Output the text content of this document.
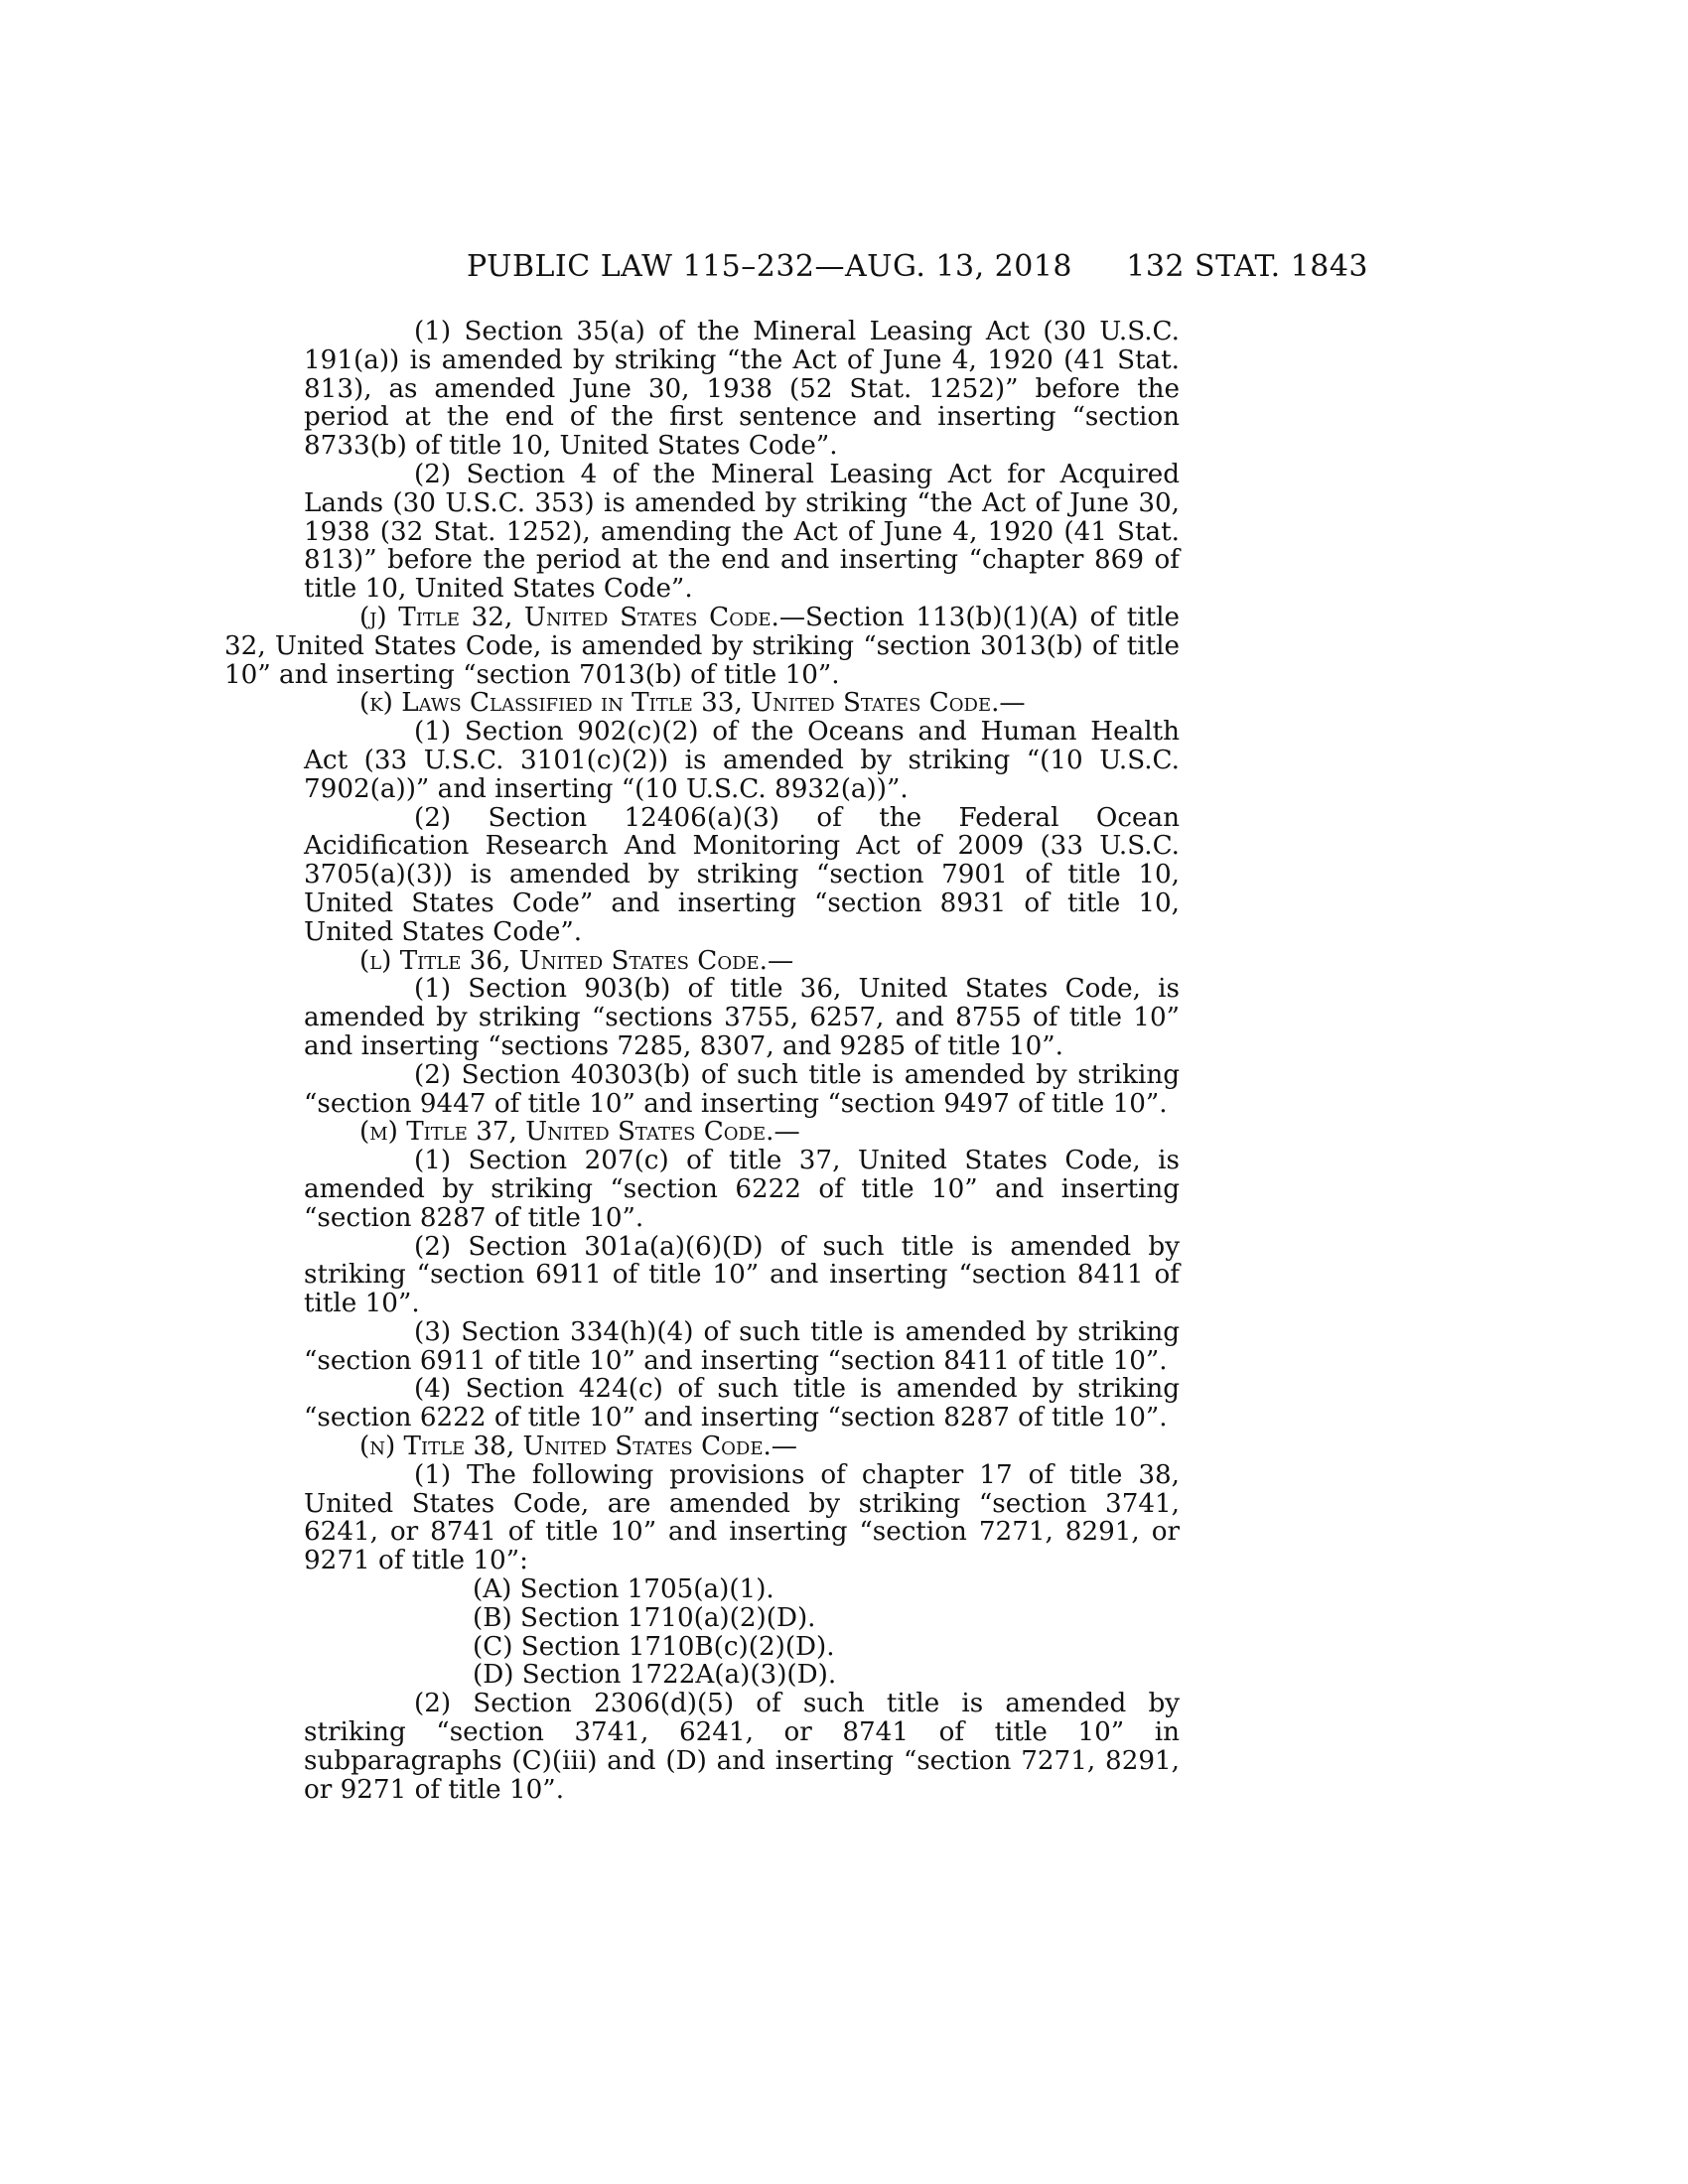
PUBLIC LAW 115–232—AUG. 13, 2018 132 STAT. 1843

(1) Section 35(a) of the Mineral Leasing Act (30 U.S.C. 191(a)) is amended by striking “the Act of June 4, 1920 (41 Stat. 813), as amended June 30, 1938 (52 Stat. 1252)” before the period at the end of the first sentence and inserting “section 8733(b) of title 10, United States Code”.

(2) Section 4 of the Mineral Leasing Act for Acquired Lands (30 U.S.C. 353) is amended by striking “the Act of June 30, 1938 (32 Stat. 1252), amending the Act of June 4, 1920 (41 Stat. 813)” before the period at the end and inserting “chapter 869 of title 10, United States Code”.

(j) Title 32, United States Code.—Section 113(b)(1)(A) of title 32, United States Code, is amended by striking “section 3013(b) of title 10” and inserting “section 7013(b) of title 10”.

(k) Laws Classified in Title 33, United States Code.—

(1) Section 902(c)(2) of the Oceans and Human Health Act (33 U.S.C. 3101(c)(2)) is amended by striking “(10 U.S.C. 7902(a))” and inserting “(10 U.S.C. 8932(a))”.

(2) Section 12406(a)(3) of the Federal Ocean Acidification Research And Monitoring Act of 2009 (33 U.S.C. 3705(a)(3)) is amended by striking “section 7901 of title 10, United States Code” and inserting “section 8931 of title 10, United States Code”.

(l) Title 36, United States Code.—

(1) Section 903(b) of title 36, United States Code, is amended by striking “sections 3755, 6257, and 8755 of title 10” and inserting “sections 7285, 8307, and 9285 of title 10”.

(2) Section 40303(b) of such title is amended by striking “section 9447 of title 10” and inserting “section 9497 of title 10”.

(m) Title 37, United States Code.—

(1) Section 207(c) of title 37, United States Code, is amended by striking “section 6222 of title 10” and inserting “section 8287 of title 10”.

(2) Section 301a(a)(6)(D) of such title is amended by striking “section 6911 of title 10” and inserting “section 8411 of title 10”.

(3) Section 334(h)(4) of such title is amended by striking “section 6911 of title 10” and inserting “section 8411 of title 10”.

(4) Section 424(c) of such title is amended by striking “section 6222 of title 10” and inserting “section 8287 of title 10”.

(n) Title 38, United States Code.—

(1) The following provisions of chapter 17 of title 38, United States Code, are amended by striking “section 3741, 6241, or 8741 of title 10” and inserting “section 7271, 8291, or 9271 of title 10”:

(A) Section 1705(a)(1).

(B) Section 1710(a)(2)(D).

(C) Section 1710B(c)(2)(D).

(D) Section 1722A(a)(3)(D).

(2) Section 2306(d)(5) of such title is amended by striking “section 3741, 6241, or 8741 of title 10” in subparagraphs (C)(iii) and (D) and inserting “section 7271, 8291, or 9271 of title 10”.
